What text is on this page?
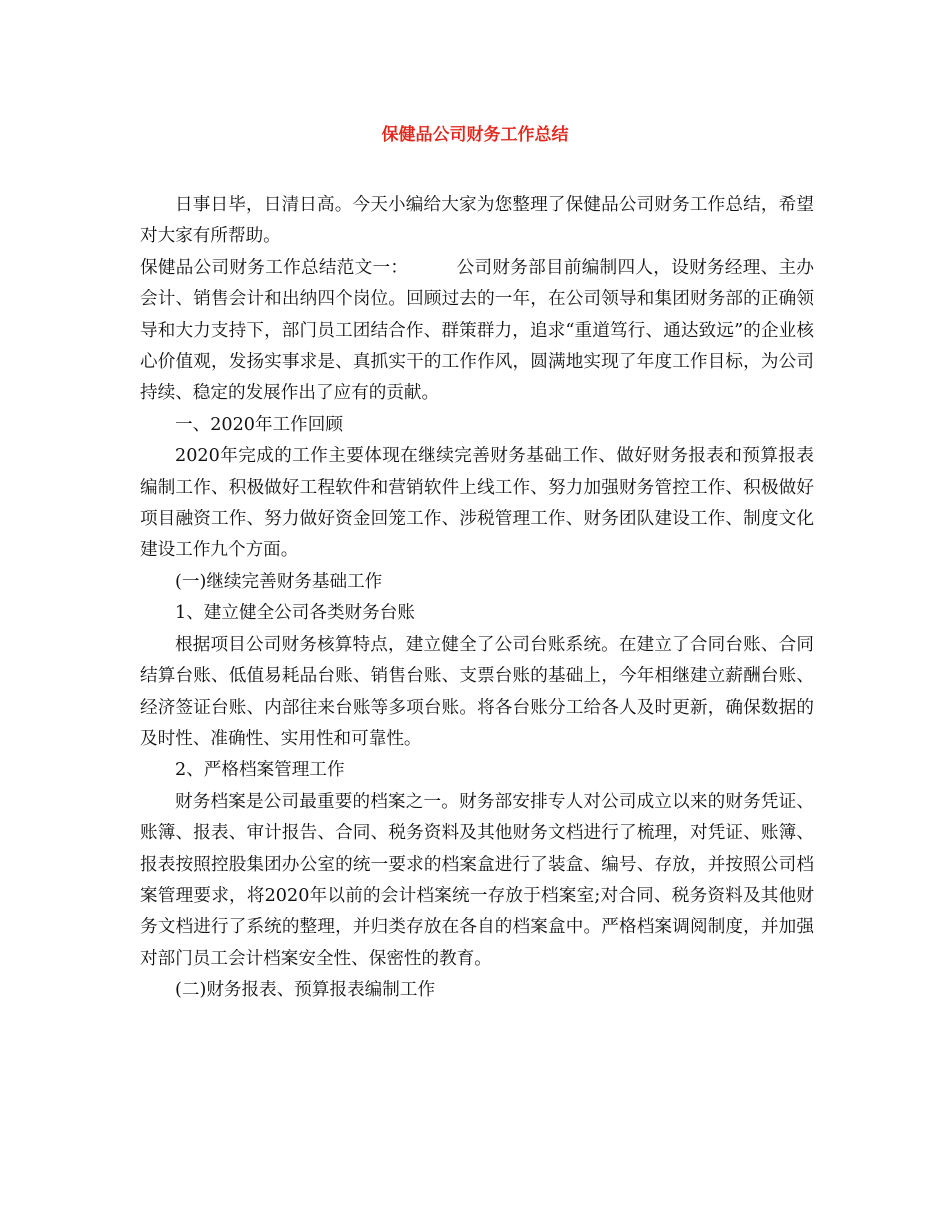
保健品公司财务工作总结

日事日毕，日清日高。今天小编给大家为您整理了保健品公司财务工作总结，希望对大家有所帮助。

保健品公司财务工作总结范文一：	公司财务部目前编制四人，设财务经理、主办会计、销售会计和出纳四个岗位。回顾过去的一年，在公司领导和集团财务部的正确领导和大力支持下，部门员工团结合作、群策群力，追求“重道笃行、通达致远”的企业核心价值观，发扬实事求是、真抓实干的工作作风，圆满地实现了年度工作目标，为公司持续、稳定的发展作出了应有的贡献。

一、2020年工作回顾

2020年完成的工作主要体现在继续完善财务基础工作、做好财务报表和预算报表编制工作、积极做好工程软件和营销软件上线工作、努力加强财务管控工作、积极做好项目融资工作、努力做好资金回笼工作、涉税管理工作、财务团队建设工作、制度文化建设工作九个方面。

(一)继续完善财务基础工作

1、建立健全公司各类财务台账

根据项目公司财务核算特点，建立健全了公司台账系统。在建立了合同台账、合同结算台账、低值易耗品台账、销售台账、支票台账的基础上，今年相继建立薪酬台账、经济签证台账、内部往来台账等多项台账。将各台账分工给各人及时更新，确保数据的及时性、准确性、实用性和可靠性。

2、严格档案管理工作

财务档案是公司最重要的档案之一。财务部安排专人对公司成立以来的财务凭证、账簿、报表、审计报告、合同、税务资料及其他财务文档进行了梳理，对凭证、账簿、报表按照控股集团办公室的统一要求的档案盒进行了装盒、编号、存放，并按照公司档案管理要求，将2020年以前的会计档案统一存放于档案室;对合同、税务资料及其他财务文档进行了系统的整理，并归类存放在各自的档案盒中。严格档案调阅制度，并加强对部门员工会计档案安全性、保密性的教育。

(二)财务报表、预算报表编制工作
